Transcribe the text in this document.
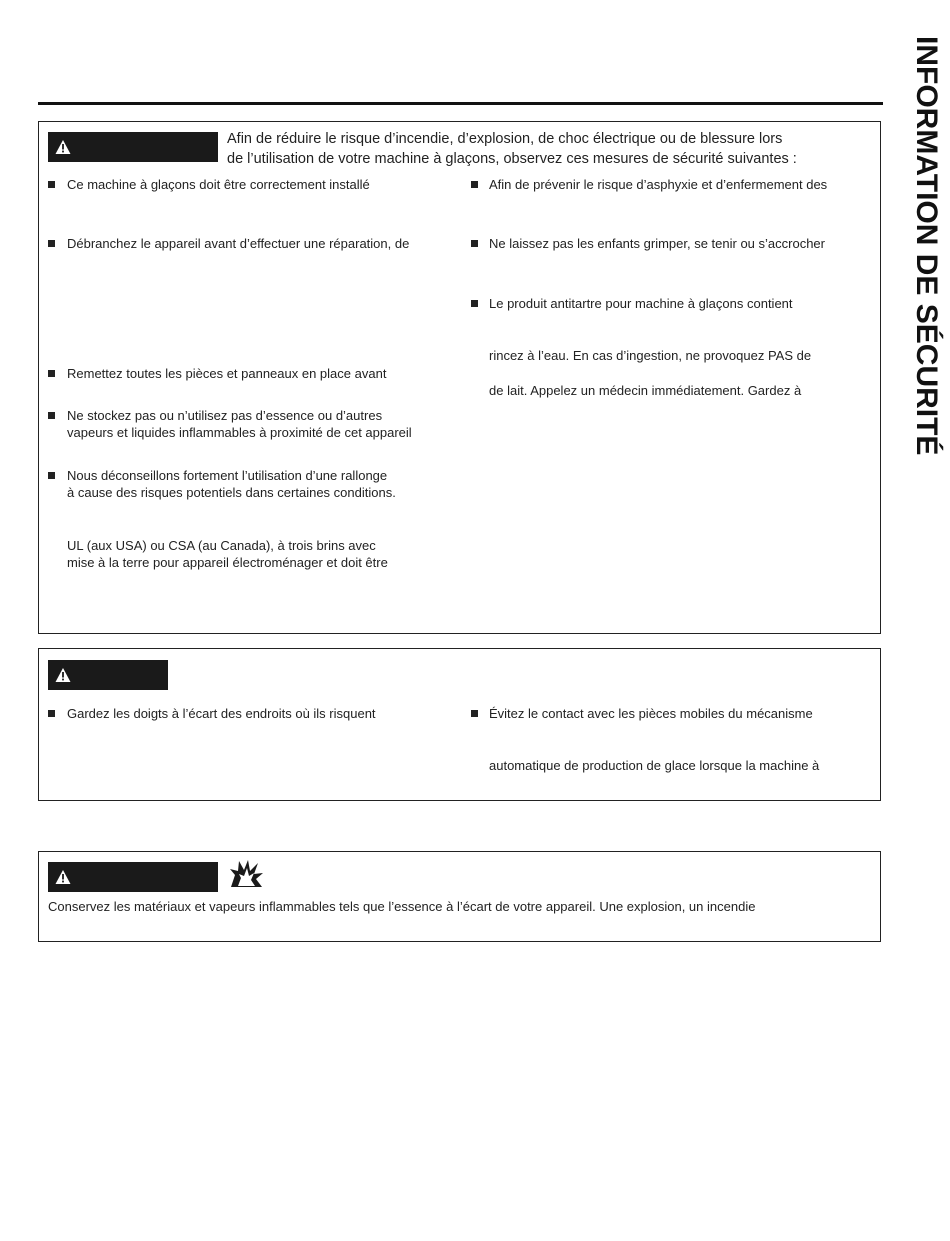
INFORMATION DE SÉCURITÉ
Afin de réduire le risque d’incendie, d’explosion, de choc électrique ou de blessure lors
de l’utilisation de votre machine à glaçons, observez ces mesures de sécurité suivantes :
Ce machine à glaçons doit être correctement installé
Débranchez le appareil avant d’effectuer une réparation, de
Remettez toutes les pièces et panneaux en place avant
Ne stockez pas ou n’utilisez pas d’essence ou d’autres
vapeurs et liquides inflammables à proximité de cet appareil
Nous déconseillons fortement l’utilisation d’une rallonge
à cause des risques potentiels dans certaines conditions.
UL (aux USA) ou CSA (au Canada), à trois brins avec
mise à la terre pour appareil électroménager et doit être
Afin de prévenir le risque d’asphyxie et d’enfermement des
Ne laissez pas les enfants grimper, se tenir ou s’accrocher
Le produit antitartre pour machine à glaçons contient
rincez à l’eau. En cas d’ingestion, ne provoquez PAS de
de lait. Appelez un médecin immédiatement. Gardez à
Gardez les doigts à l’écart des endroits où ils risquent	Évitez le contact avec les pièces mobiles du mécanisme
automatique de production de glace lorsque la machine à
Conservez les matériaux et vapeurs inflammables tels que l’essence à l’écart de votre appareil. Une explosion, un incendie
